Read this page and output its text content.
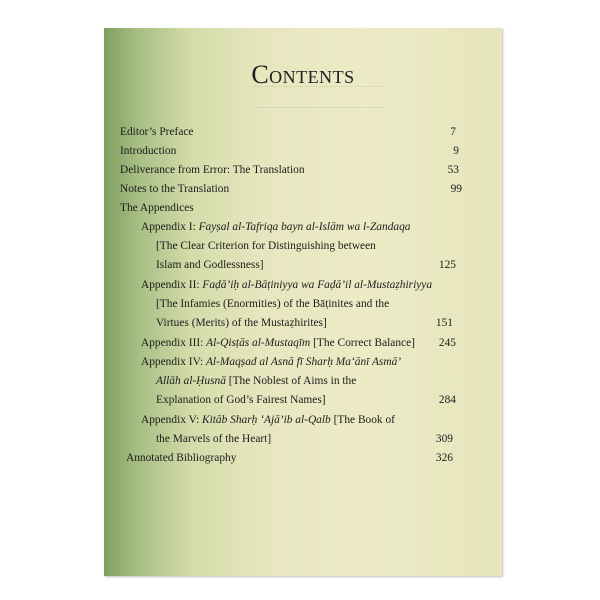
Contents
Editor’s Preface	7
Introduction	9
Deliverance from Error: The Translation	53
Notes to the Translation	99
The Appendices
Appendix I: Fayṣal al-Tafriqa bayn al-Islām wa l-Zandaqa
[The Clear Criterion for Distinguishing between
Islam and Godlessness]	125
Appendix II: Faḍā’iḥ al-Bāṭiniyya wa Faḍā’il al-Mustaẓhiriyya
[The Infamies (Enormities) of the Bāṭinites and the
Virtues (Merits) of the Mustaẓhirites]	151
Appendix III: Al-Qisṭās al-Mustaqīm [The Correct Balance]	245
Appendix IV: Al-Maqṣad al Asnā fī Sharḥ Ma‘ānī Asmā’
Allāh al-Ḥusnā [The Noblest of Aims in the
Explanation of God’s Fairest Names]	284
Appendix V: Kitāb Sharḥ ‘Ajā’ib al-Qalb [The Book of
the Marvels of the Heart]	309
Annotated Bibliography	326
